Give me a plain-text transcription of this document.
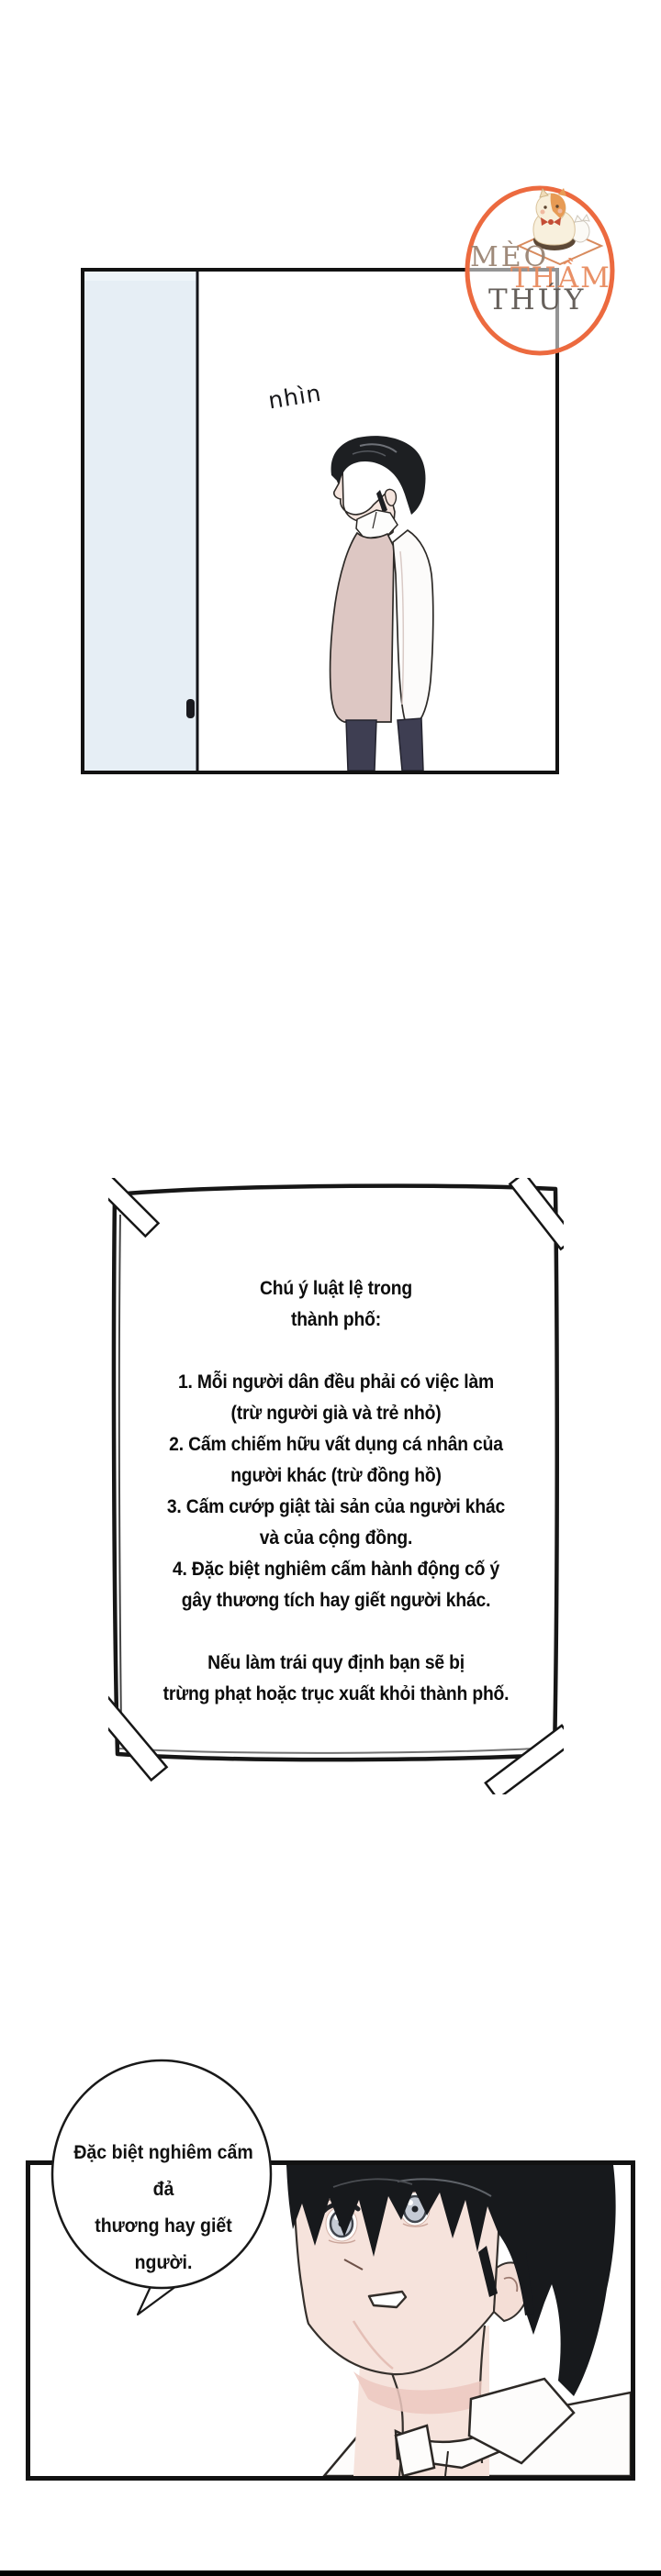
nhìn
MÈO
THẦM
THÚY
Chú ý luật lệ trong
thành phố:
1. Mỗi người dân đều phải có việc làm
(trừ người già và trẻ nhỏ)
2. Cấm chiếm hữu vất dụng cá nhân của
người khác (trừ đồng hồ)
3. Cấm cướp giật tài sản của người khác
và của cộng đồng.
4. Đặc biệt nghiêm cấm hành động cố ý
gây thương tích hay giết người khác.
Nếu làm trái quy định bạn sẽ bị
trừng phạt hoặc trục xuất khỏi thành phố.
Đặc biệt nghiêm cấm đả
thương hay giết người.
